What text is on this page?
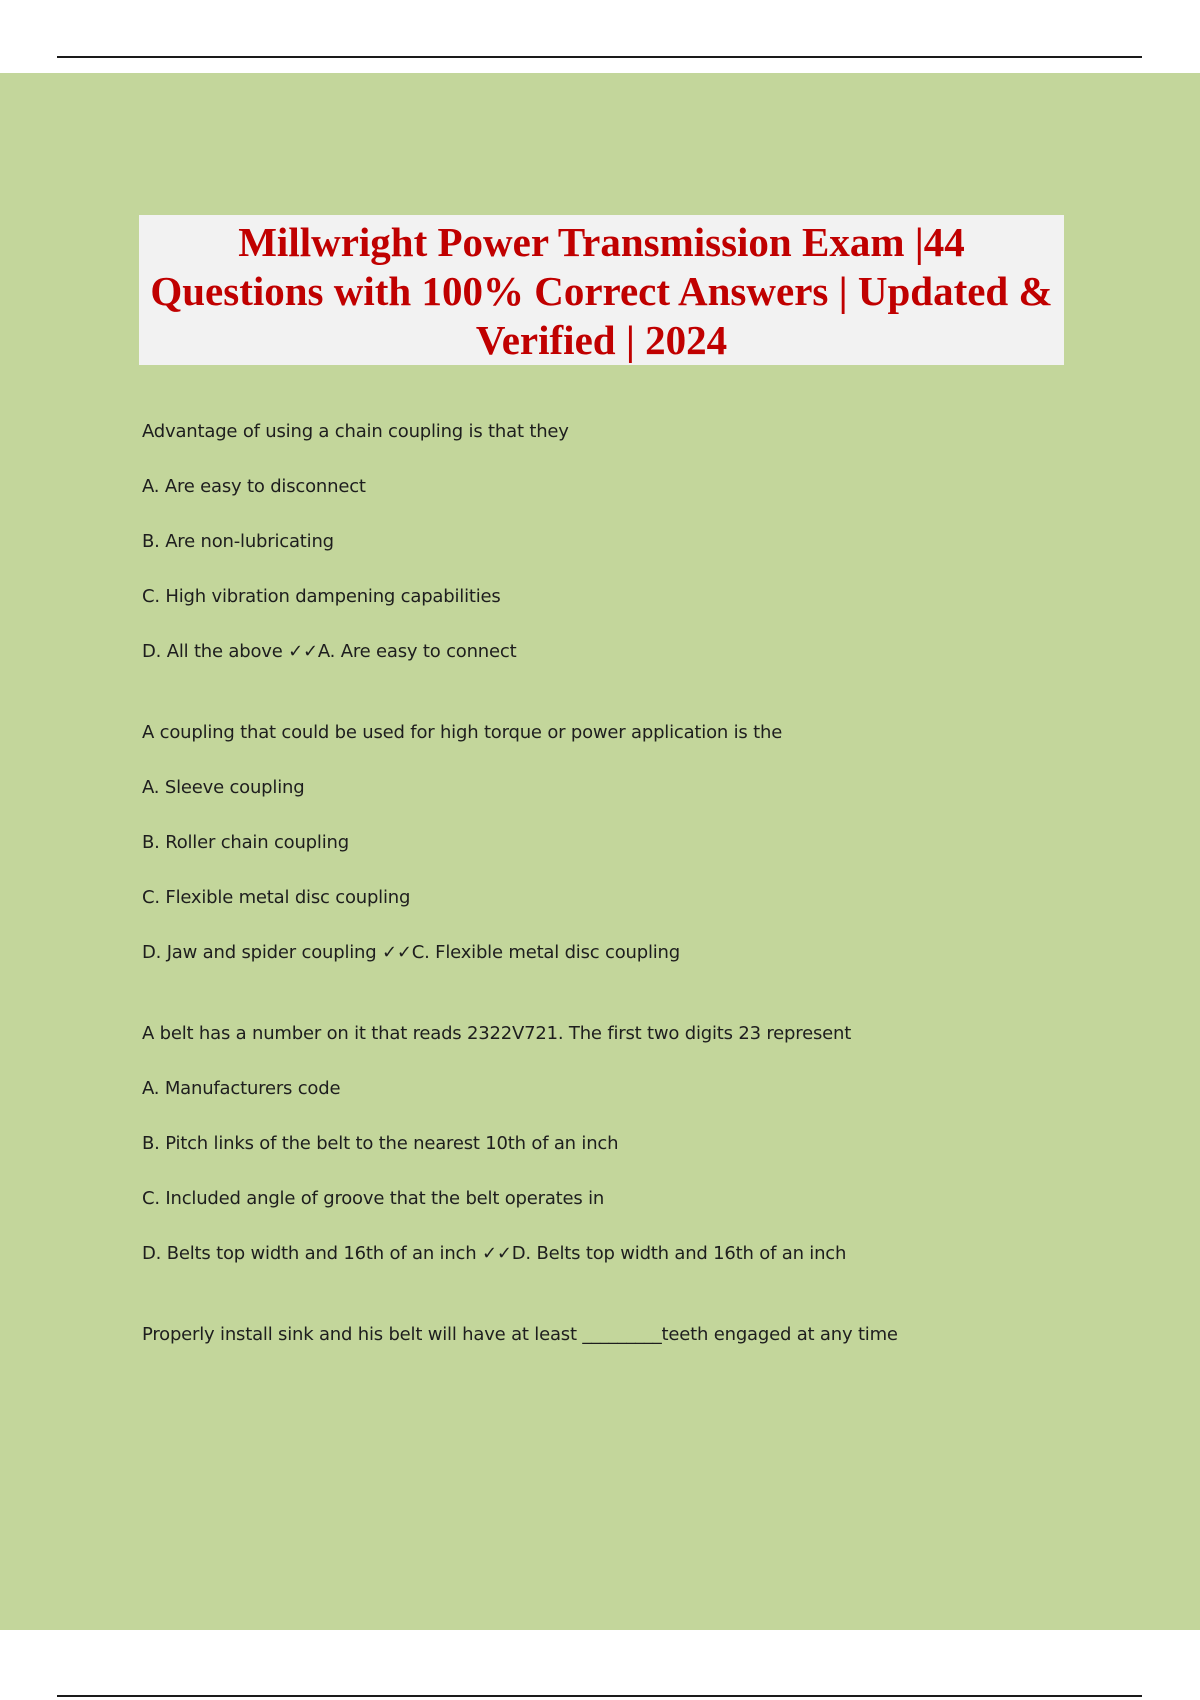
Millwright Power Transmission Exam |44 Questions with 100% Correct Answers | Updated & Verified | 2024

Advantage of using a chain coupling is that they

A. Are easy to disconnect

B. Are non-lubricating

C. High vibration dampening capabilities

D. All the above ✓✓A. Are easy to connect

A coupling that could be used for high torque or power application is the

A. Sleeve coupling

B. Roller chain coupling

C. Flexible metal disc coupling

D. Jaw and spider coupling ✓✓C. Flexible metal disc coupling

A belt has a number on it that reads 2322V721. The first two digits 23 represent

A. Manufacturers code

B. Pitch links of the belt to the nearest 10th of an inch

C. Included angle of groove that the belt operates in

D. Belts top width and 16th of an inch ✓✓D. Belts top width and 16th of an inch

Properly install sink and his belt will have at least _________teeth engaged at any time
